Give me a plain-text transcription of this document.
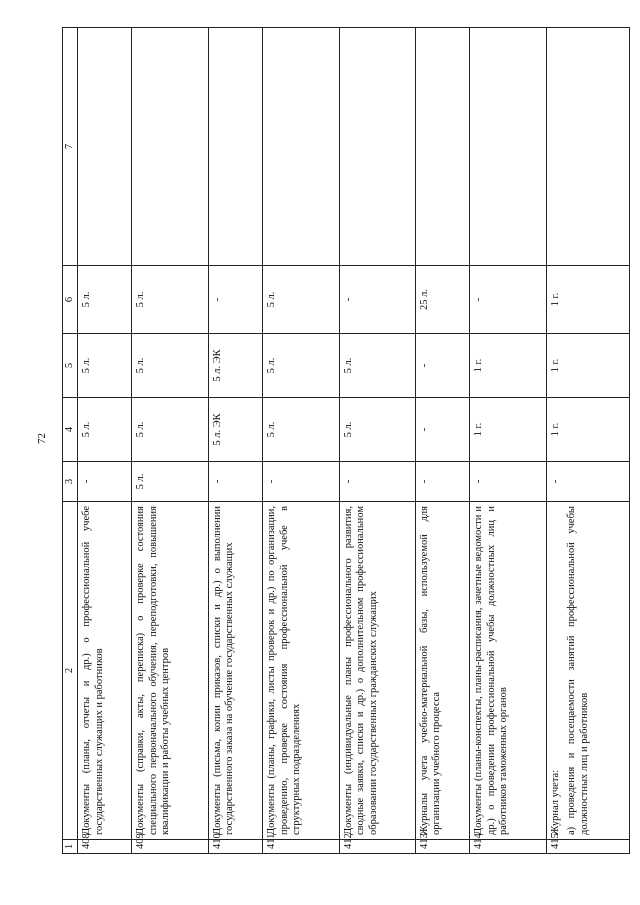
72
1	2	3	4	5	6	7
408	Документы (планы, отчеты и др.) о профессиональной учебе государственных служащих и работников	-	5 л.	5 л.	5 л.	
409	Документы (справки, акты, переписка) о проверке состояния специального первоначального обучения, переподготовки, повышения квалификации и работы учебных центров	5 л.	5 л.	5 л.	5 л.	
410	Документы (письма, копии приказов, списки и др.) о выполнении государственного заказа на обучение государственных служащих	-	5 л. ЭК	5 л. ЭК	-	
411	Документы (планы, графики, листы проверок и др.) по организации, проведению, проверке состояния профессиональной учебе в структурных подразделениях	-	5 л.	5 л.	5 л.	
412	Документы (индивидуальные планы профессионального развития, сводные заявки, списки и др.) о дополнительном профессиональном образовании государственных гражданских служащих	-	5 л.	5 л.	-	
413	Журналы учета учебно-материальной базы, используемой для организации учебного процесса	-	-	-	25 л.	
414	Документы (планы-конспекты, планы-расписания, зачетные ведомости и др.) о проведении профессиональной учебы должностных лиц и работников таможенных органов	-	1 г.	1 г.	-	
415	Журнал учета: а) проведения и посещаемости занятий профессиональной учебы должностных лиц и работников	-	1 г.	1 г.	1 г.	
